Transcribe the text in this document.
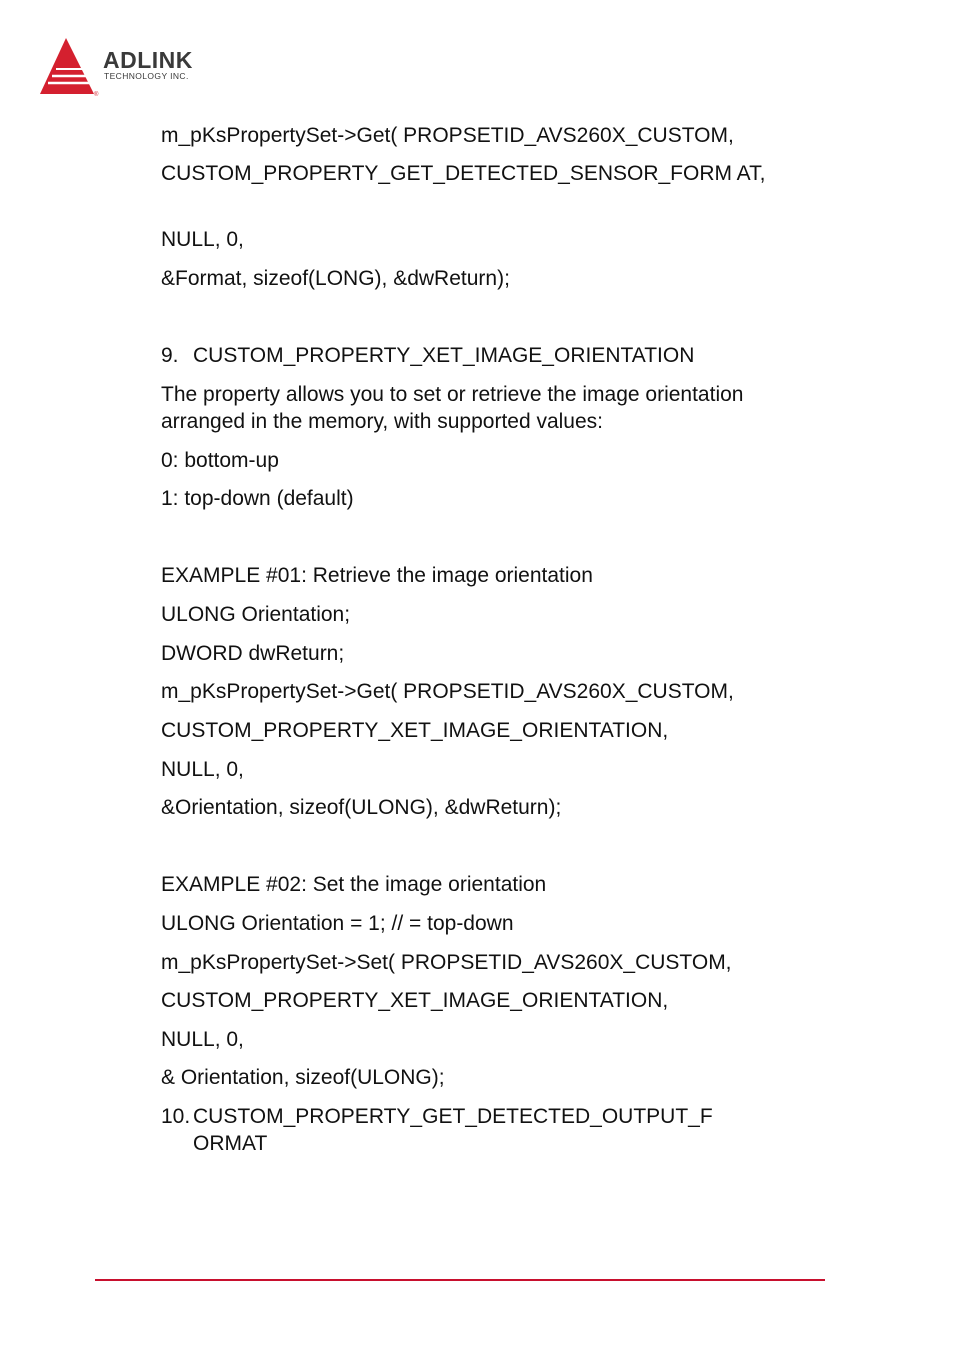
®
ADLINK
TECHNOLOGY INC.
m_pKsPropertySet->Get( PROPSETID_AVS260X_CUSTOM,
CUSTOM_PROPERTY_GET_DETECTED_SENSOR_FORM AT,
NULL, 0,
&Format, sizeof(LONG), &dwReturn);
9. CUSTOM_PROPERTY_XET_IMAGE_ORIENTATION
The property allows you to set or retrieve the image orientation arranged in the memory, with supported values:
0: bottom-up
1: top-down (default)
EXAMPLE #01: Retrieve the image orientation
ULONG Orientation;
DWORD dwReturn;
m_pKsPropertySet->Get( PROPSETID_AVS260X_CUSTOM,
CUSTOM_PROPERTY_XET_IMAGE_ORIENTATION,
NULL, 0,
&Orientation, sizeof(ULONG), &dwReturn);
EXAMPLE #02: Set the image orientation
ULONG Orientation = 1; // = top-down
m_pKsPropertySet->Set( PROPSETID_AVS260X_CUSTOM,
CUSTOM_PROPERTY_XET_IMAGE_ORIENTATION,
NULL, 0,
& Orientation, sizeof(ULONG);
10. CUSTOM_PROPERTY_GET_DETECTED_OUTPUT_F ORMAT
